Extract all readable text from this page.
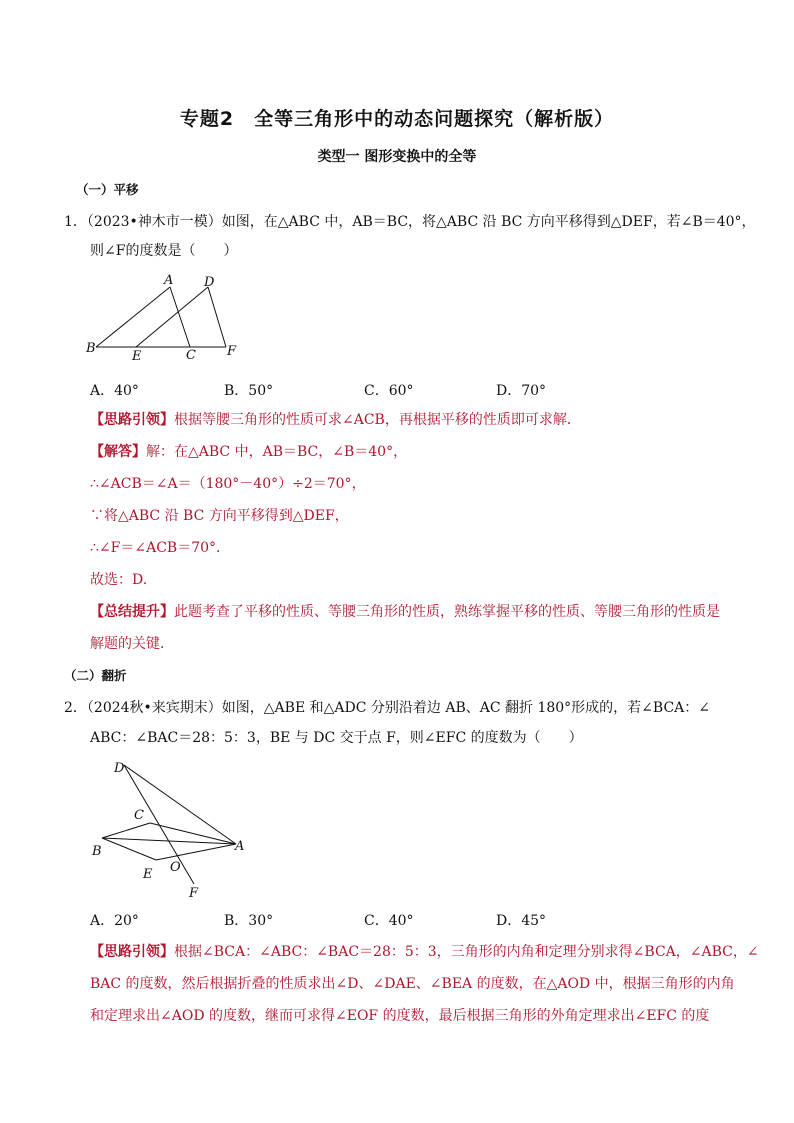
专题2　全等三角形中的动态问题探究（解析版）
类型一 图形变换中的全等
（一）平移
1．（2023•神木市一模）如图，在△ABC 中，AB＝BC，将△ABC 沿 BC 方向平移得到△DEF，若∠B＝40°，
则∠F的度数是（　　）
A D
B
E	C F
A．40°	B．50°	C．60°	D．70°
【思路引领】根据等腰三角形的性质可求∠ACB，再根据平移的性质即可求解．
【解答】解：在△ABC 中，AB＝BC，∠B＝40°，
∴∠ACB＝∠A＝（180°－40°）÷2＝70°，
∵将△ABC 沿 BC 方向平移得到△DEF，
∴∠F＝∠ACB＝70°．
故选：D.
【总结提升】此题考查了平移的性质、等腰三角形的性质，熟练掌握平移的性质、等腰三角形的性质是
解题的关键．
（二）翻折
2．（2024秋•来宾期末）如图，△ABE 和△ADC 分别沿着边 AB、AC 翻折 180°形成的，若∠BCA：∠
ABC：∠BAC＝28：5：3，BE 与 DC 交于点 F，则∠EFC 的度数为（　　）
D
C
B	A
E O
F
A．20°	B．30°	C．40°	D．45°
【思路引领】根据∠BCA：∠ABC：∠BAC＝28：5：3，三角形的内角和定理分别求得∠BCA，∠ABC，∠
BAC 的度数，然后根据折叠的性质求出∠D、∠DAE、∠BEA 的度数，在△AOD 中，根据三角形的内角
和定理求出∠AOD 的度数，继而可求得∠EOF 的度数，最后根据三角形的外角定理求出∠EFC 的度
